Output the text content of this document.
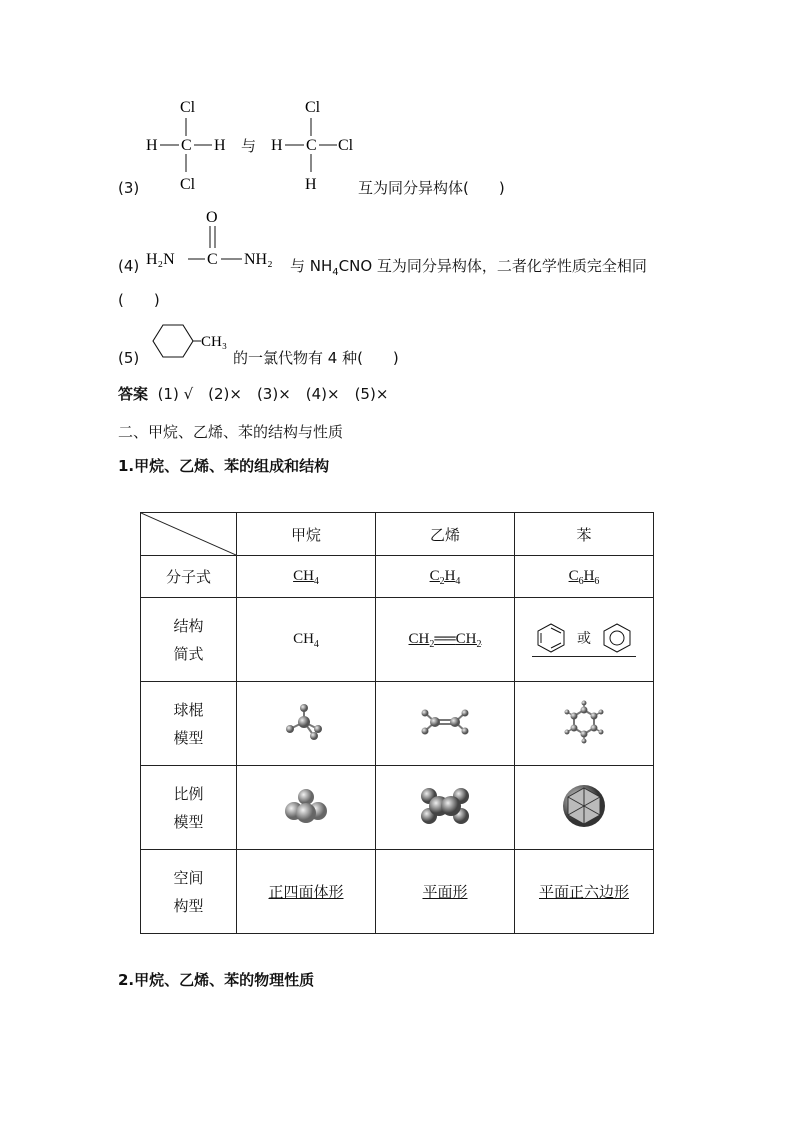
(3)
Cl
H C H
Cl
与
Cl
H C Cl
H	互为同分异构体(　　)
(4)
O
H₂N C NH₂ 与 $NH_4CNO$ 互为同分异构体，二者化学性质完全相同
(　　)
(5)
CH₃
的一氯代物有 4 种(　　)
答案 (1) √　(2)×　(3)×　(4)×　(5)×
二、甲烷、乙烯、苯的结构与性质
1.甲烷、乙烯、苯的组成和结构
	甲烷	乙烯	苯
分子式	$CH_4$	$C_2H_4$	$C_6H_6$

结构
简式	$CH_4$	$CH_2══CH_2$	或

球棍
模型

比例
模型

空间
构型	正四面体形	平面形	平面正六边形
2.甲烷、乙烯、苯的物理性质
